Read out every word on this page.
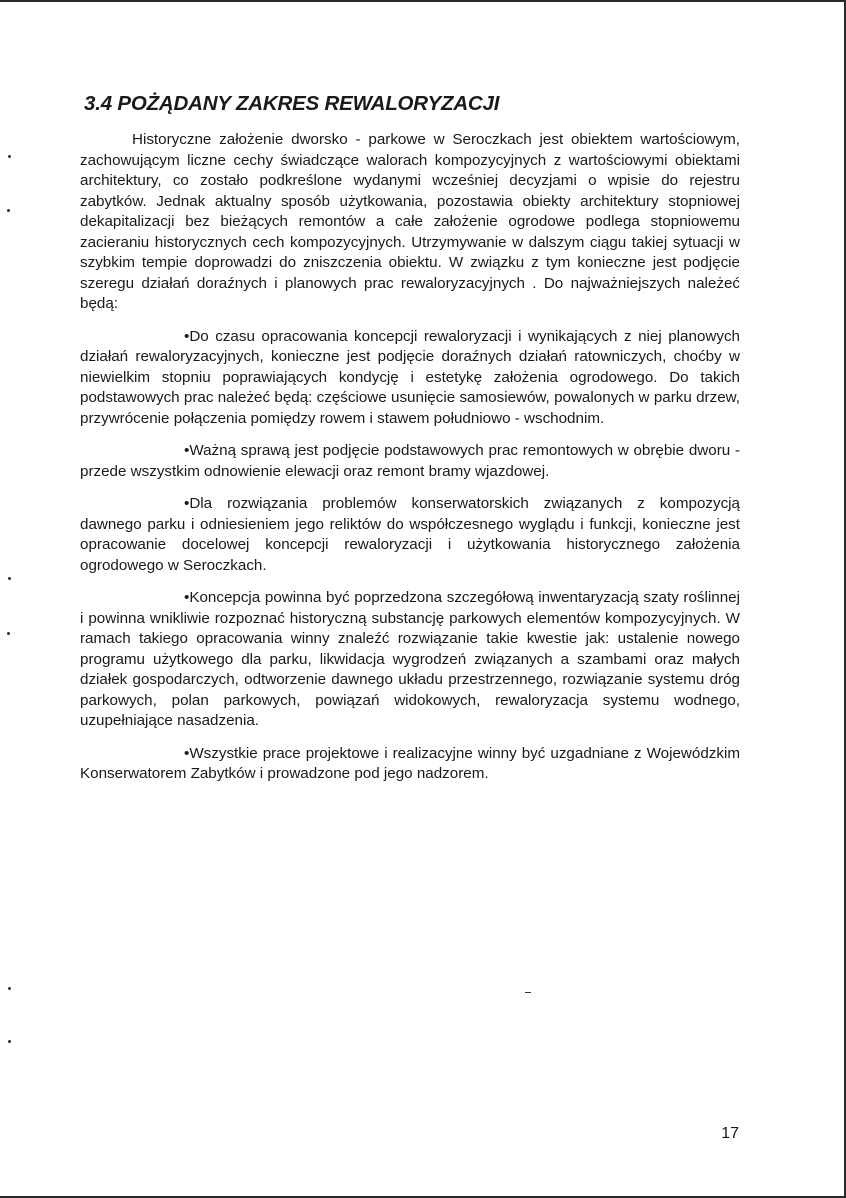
3.4 POŻĄDANY ZAKRES REWALORYZACJI

Historyczne założenie dworsko - parkowe w Seroczkach jest obiektem wartościowym, zachowującym liczne cechy świadczące walorach kompozycyjnych z wartościowymi obiektami architektury, co zostało podkreślone wydanymi wcześniej decyzjami o wpisie do rejestru zabytków. Jednak aktualny sposób użytkowania, pozostawia obiekty architektury stopniowej dekapitalizacji bez bieżących remontów a całe założenie ogrodowe podlega stopniowemu zacieraniu historycznych cech kompozycyjnych. Utrzymywanie w dalszym ciągu takiej sytuacji w szybkim tempie doprowadzi do zniszczenia obiektu. W związku z tym konieczne jest podjęcie szeregu działań doraźnych i planowych prac rewaloryzacyjnych . Do najważniejszych należeć będą:

•Do czasu opracowania koncepcji rewaloryzacji i wynikających z niej planowych działań rewaloryzacyjnych, konieczne jest podjęcie doraźnych działań ratowniczych, choćby w niewielkim stopniu poprawiających kondycję i estetykę założenia ogrodowego. Do takich podstawowych prac należeć będą: częściowe usunięcie samosiewów, powalonych w parku drzew, przywrócenie połączenia pomiędzy rowem i stawem południowo - wschodnim.

•Ważną sprawą jest podjęcie podstawowych prac remontowych w obrębie dworu - przede wszystkim odnowienie elewacji oraz remont bramy wjazdowej.

•Dla rozwiązania problemów konserwatorskich związanych z kompozycją dawnego parku i odniesieniem jego reliktów do współczesnego wyglądu i funkcji, konieczne jest opracowanie docelowej koncepcji rewaloryzacji i użytkowania historycznego założenia ogrodowego w Seroczkach.

•Koncepcja powinna być poprzedzona szczegółową inwentaryzacją szaty roślinnej i powinna wnikliwie rozpoznać historyczną substancję parkowych elementów kompozycyjnych. W ramach takiego opracowania winny znaleźć rozwiązanie takie kwestie jak: ustalenie nowego programu użytkowego dla parku, likwidacja wygrodzeń związanych a szambami oraz małych działek gospodarczych, odtworzenie dawnego układu przestrzennego, rozwiązanie systemu dróg parkowych, polan parkowych, powiązań widokowych, rewaloryzacja systemu wodnego, uzupełniające nasadzenia.

•Wszystkie prace projektowe i realizacyjne winny być uzgadniane z Wojewódzkim Konserwatorem Zabytków i prowadzone pod jego nadzorem.

17
